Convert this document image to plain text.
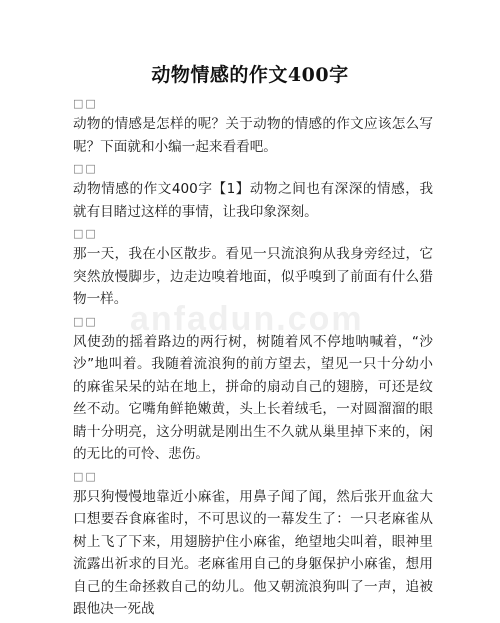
动物情感的作文400字
□□

动物的情感是怎样的呢？关于动物的情感的作文应该怎么写呢？下面就和小编一起来看看吧。

□□

动物情感的作文400字【1】动物之间也有深深的情感，我就有目睹过这样的事情，让我印象深刻。

□□

那一天，我在小区散步。看见一只流浪狗从我身旁经过，它突然放慢脚步，边走边嗅着地面，似乎嗅到了前面有什么猎物一样。

□□

风使劲的摇着路边的两行树，树随着风不停地呐喊着，“沙沙”地叫着。我随着流浪狗的前方望去，望见一只十分幼小的麻雀呆呆的站在地上，拼命的扇动自己的翅膀，可还是纹丝不动。它嘴角鲜艳嫩黄，头上长着绒毛，一对圆溜溜的眼睛十分明亮，这分明就是刚出生不久就从巢里掉下来的，闲的无比的可怜、悲伤。

□□

那只狗慢慢地靠近小麻雀，用鼻子闻了闻，然后张开血盆大口想要吞食麻雀时，不可思议的一幕发生了：一只老麻雀从树上飞了下来，用翅膀护住小麻雀，绝望地尖叫着，眼神里流露出祈求的目光。老麻雀用自己的身躯保护小麻雀，想用自己的生命拯救自己的幼儿。他又朝流浪狗叫了一声，追被跟他决一死战

anfadun.com
